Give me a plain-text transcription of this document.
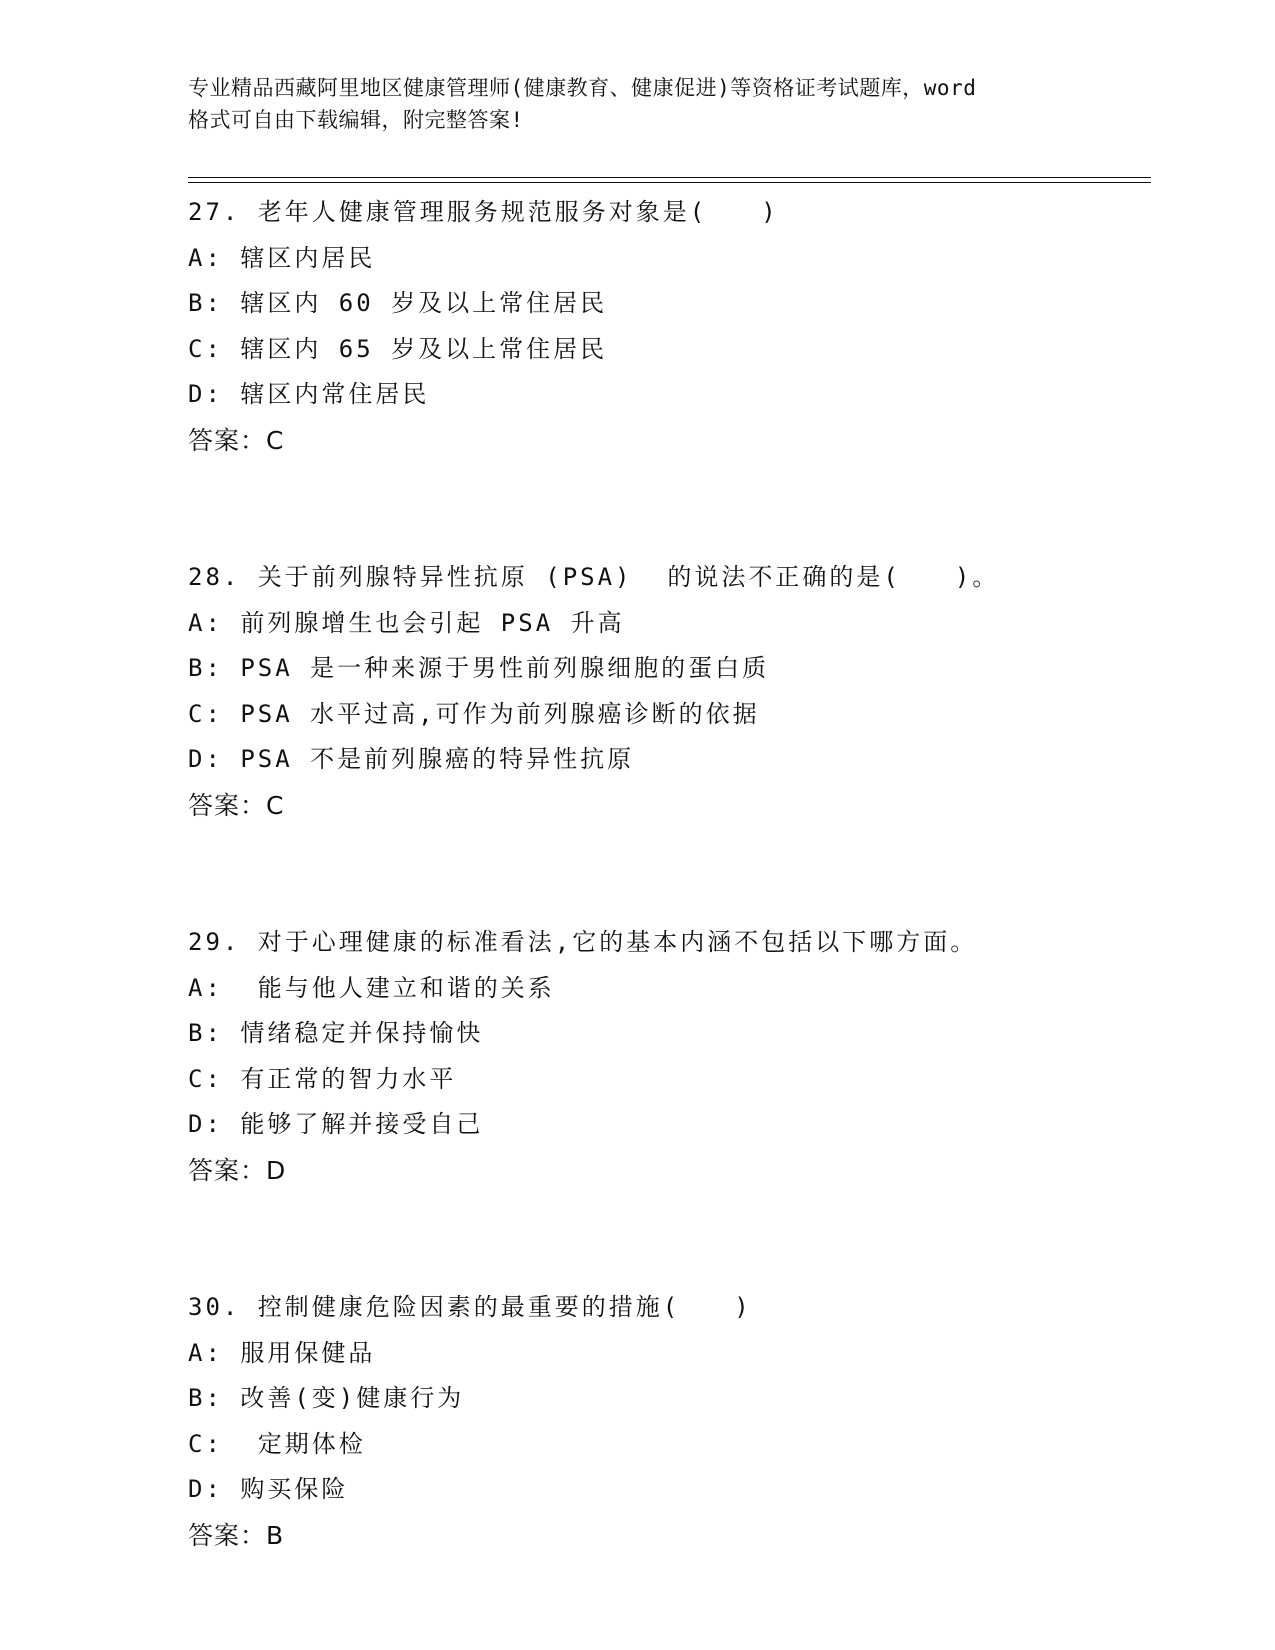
专业精品西藏阿里地区健康管理师(健康教育、健康促进)等资格证考试题库，word
格式可自由下载编辑，附完整答案!
27. 老年人健康管理服务规范服务对象是(　　)
A: 辖区内居民
B: 辖区内 60 岁及以上常住居民
C: 辖区内 65 岁及以上常住居民
D: 辖区内常住居民
答案：C
28. 关于前列腺特异性抗原 (PSA)  的说法不正确的是(　　)。
A: 前列腺增生也会引起 PSA 升高
B: PSA 是一种来源于男性前列腺细胞的蛋白质
C: PSA 水平过高,可作为前列腺癌诊断的依据
D: PSA 不是前列腺癌的特异性抗原
答案：C
29. 对于心理健康的标准看法,它的基本内涵不包括以下哪方面。
A:  能与他人建立和谐的关系
B: 情绪稳定并保持愉快
C: 有正常的智力水平
D: 能够了解并接受自己
答案：D
30. 控制健康危险因素的最重要的措施(　　)
A: 服用保健品
B: 改善(变)健康行为
C:  定期体检
D: 购买保险
答案：B
